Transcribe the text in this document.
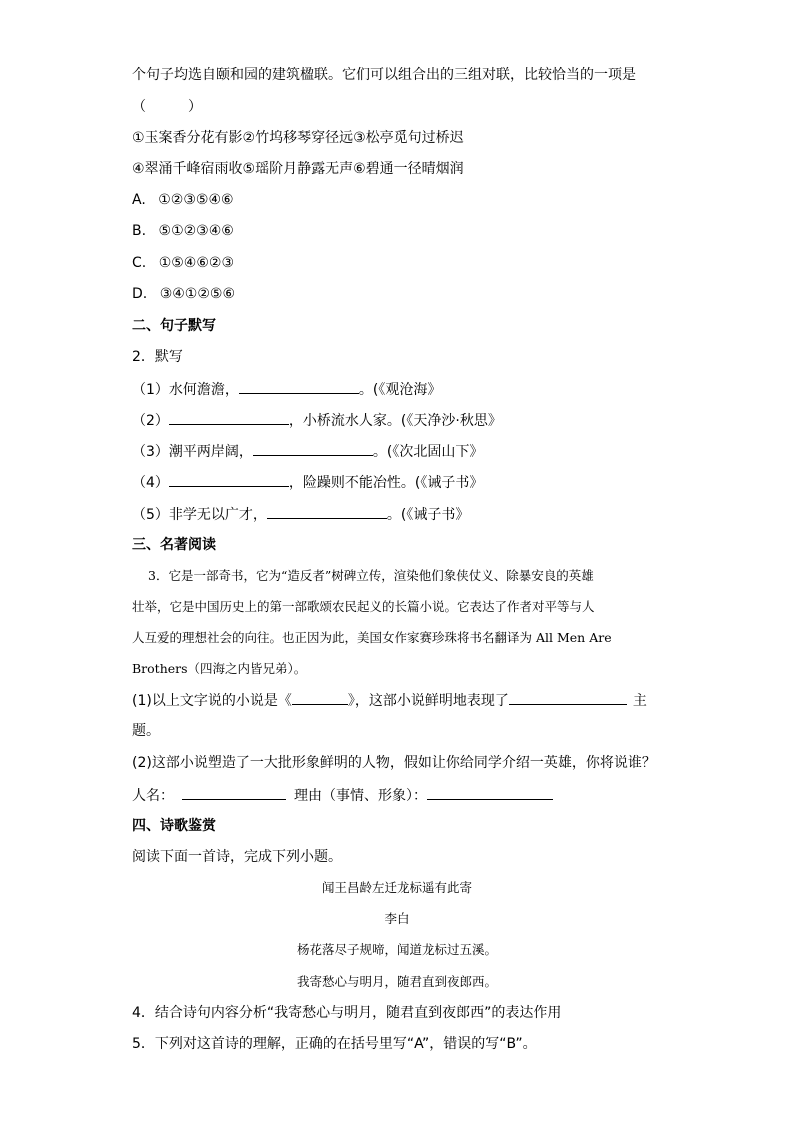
个句子均选自颐和园的建筑楹联。它们可以组合出的三组对联，比较恰当的一项是
（　　　）
①玉案香分花有影②竹坞移琴穿径远③松亭觅句过桥迟
④翠涌千峰宿雨收⑤瑶阶月静露无声⑥碧通一径晴烟润
A. ①②③⑤④⑥
B. ⑤①②③④⑥
C. ①⑤④⑥②③
D. ③④①②⑤⑥
二、句子默写
2．默写
（1）水何澹澹，	。(《观沧海》
（2）	，小桥流水人家。(《天净沙·秋思》
（3）潮平两岸阔，	。(《次北固山下》
（4）	，险躁则不能冶性。(《诫子书》
（5）非学无以广才，	。(《诫子书》
三、名著阅读
3．它是一部奇书，它为“造反者”树碑立传，渲染他们象侠仗义、除暴安良的英雄
壮举，它是中国历史上的第一部歌颂农民起义的长篇小说。它表达了作者对平等与人
人互爱的理想社会的向往。也正因为此，美国女作家赛珍珠将书名翻译为 All Men Are
Brothers（四海之内皆兄弟）。
(1)以上文字说的小说是《	》，这部小说鲜明地表现了	主
题。
(2)这部小说塑造了一大批形象鲜明的人物，假如让你给同学介绍一英雄，你将说谁？
人名：	理由（事情、形象）：
四、诗歌鉴赏
阅读下面一首诗，完成下列小题。
闻王昌龄左迁龙标遥有此寄
李白
杨花落尽子规啼，闻道龙标过五溪。
我寄愁心与明月，随君直到夜郎西。
4．结合诗句内容分析“我寄愁心与明月，随君直到夜郎西”的表达作用
5．下列对这首诗的理解，正确的在括号里写“A”，错误的写“B”。
